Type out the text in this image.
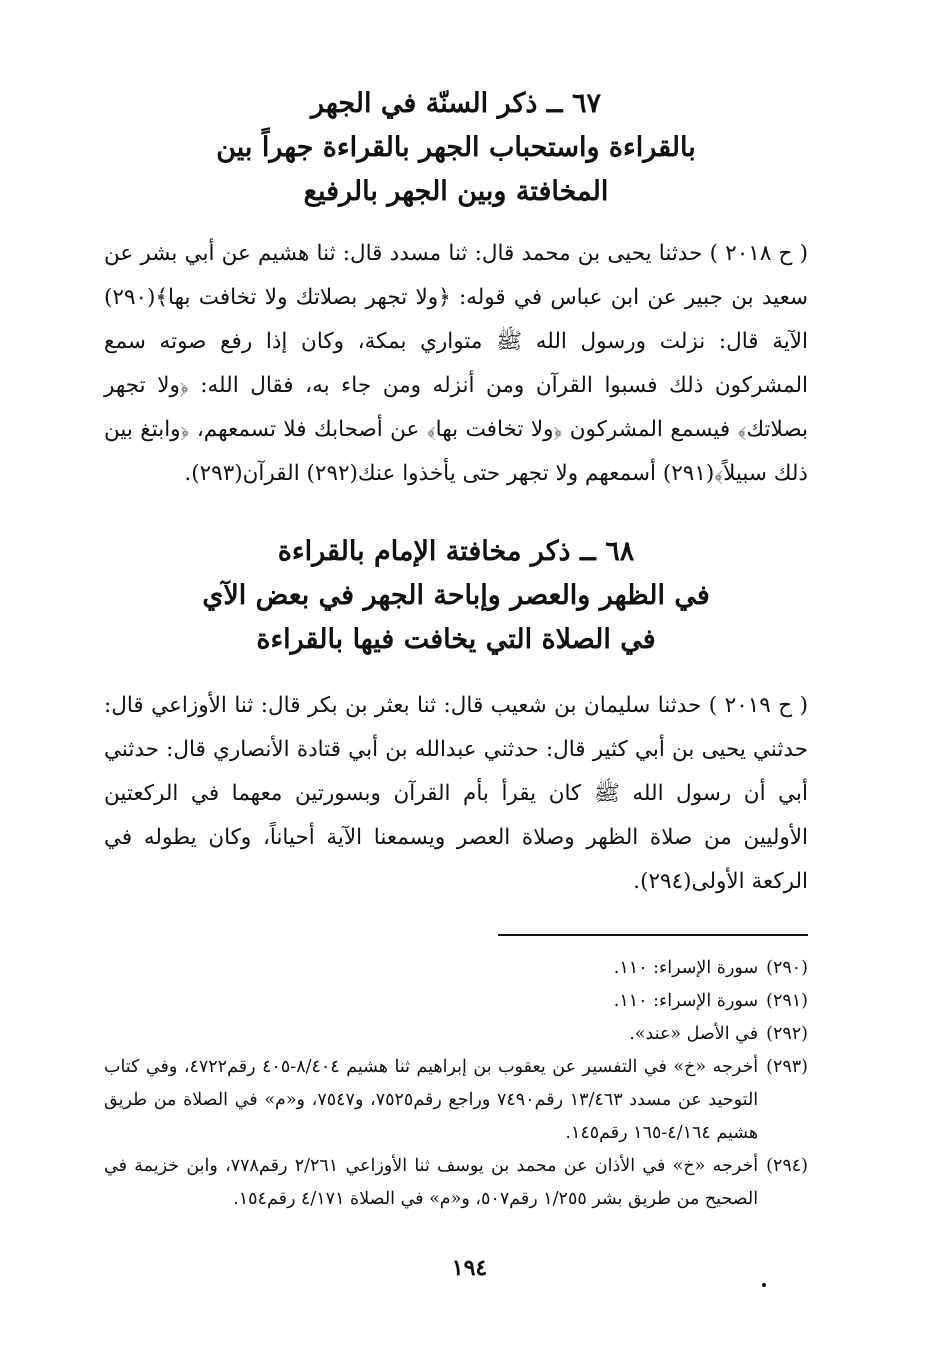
٦٧ ــ ذكر السنّة في الجهر
بالقراءة واستحباب الجهر بالقراءة جهراً بين
المخافتة وبين الجهر بالرفيع

( ح ٢٠١٨ ) حدثنا يحيى بن محمد قال: ثنا مسدد قال: ثنا هشيم عن أبي بشر عن سعيد بن جبير عن ابن عباس في قوله: ﴿ولا تجهر بصلاتك ولا تخافت بها﴾(٢٩٠) الآية قال: نزلت ورسول الله ﷺ متواري بمكة، وكان إذا رفع صوته سمع المشركون ذلك فسبوا القرآن ومن أنزله ومن جاء به، فقال الله: ﴿ولا تجهر بصلاتك﴾ فيسمع المشركون ﴿ولا تخافت بها﴾ عن أصحابك فلا تسمعهم، ﴿وابتغ بين ذلك سبيلاً﴾(٢٩١) أسمعهم ولا تجهر حتى يأخذوا عنك(٢٩٢) القرآن(٢٩٣).

٦٨ ــ ذكر مخافتة الإمام بالقراءة
في الظهر والعصر وإباحة الجهر في بعض الآي
في الصلاة التي يخافت فيها بالقراءة

( ح ٢٠١٩ ) حدثنا سليمان بن شعيب قال: ثنا بعثر بن بكر قال: ثنا الأوزاعي قال: حدثني يحيى بن أبي كثير قال: حدثني عبدالله بن أبي قتادة الأنصاري قال: حدثني أبي أن رسول الله ﷺ كان يقرأ بأم القرآن وبسورتين معهما في الركعتين الأوليين من صلاة الظهر وصلاة العصر ويسمعنا الآية أحياناً، وكان يطوله في الركعة الأولى(٢٩٤).

(٢٩٠)
سورة الإسراء: ١١٠.
(٢٩١)
سورة الإسراء: ١١٠.
(٢٩٢)
في الأصل «عند».
(٢٩٣)
أخرجه «خ» في التفسير عن يعقوب بن إبراهيم ثنا هشيم ٨/٤٠٤-٤٠٥ رقم٤٧٢٢، وفي كتاب التوحيد عن مسدد ١٣/٤٦٣ رقم٧٤٩٠ وراجع رقم٧٥٢٥، و٧٥٤٧، و«م» في الصلاة من طريق هشيم ٤/١٦٤-١٦٥ رقم١٤٥.
(٢٩٤)
أخرجه «خ» في الأذان عن محمد بن يوسف ثنا الأوزاعي ٢/٢٦١ رقم٧٧٨، وابن خزيمة في الصحيح من طريق بشر ١/٢٥٥ رقم٥٠٧، و«م» في الصلاة ٤/١٧١ رقم١٥٤.
١٩٤
